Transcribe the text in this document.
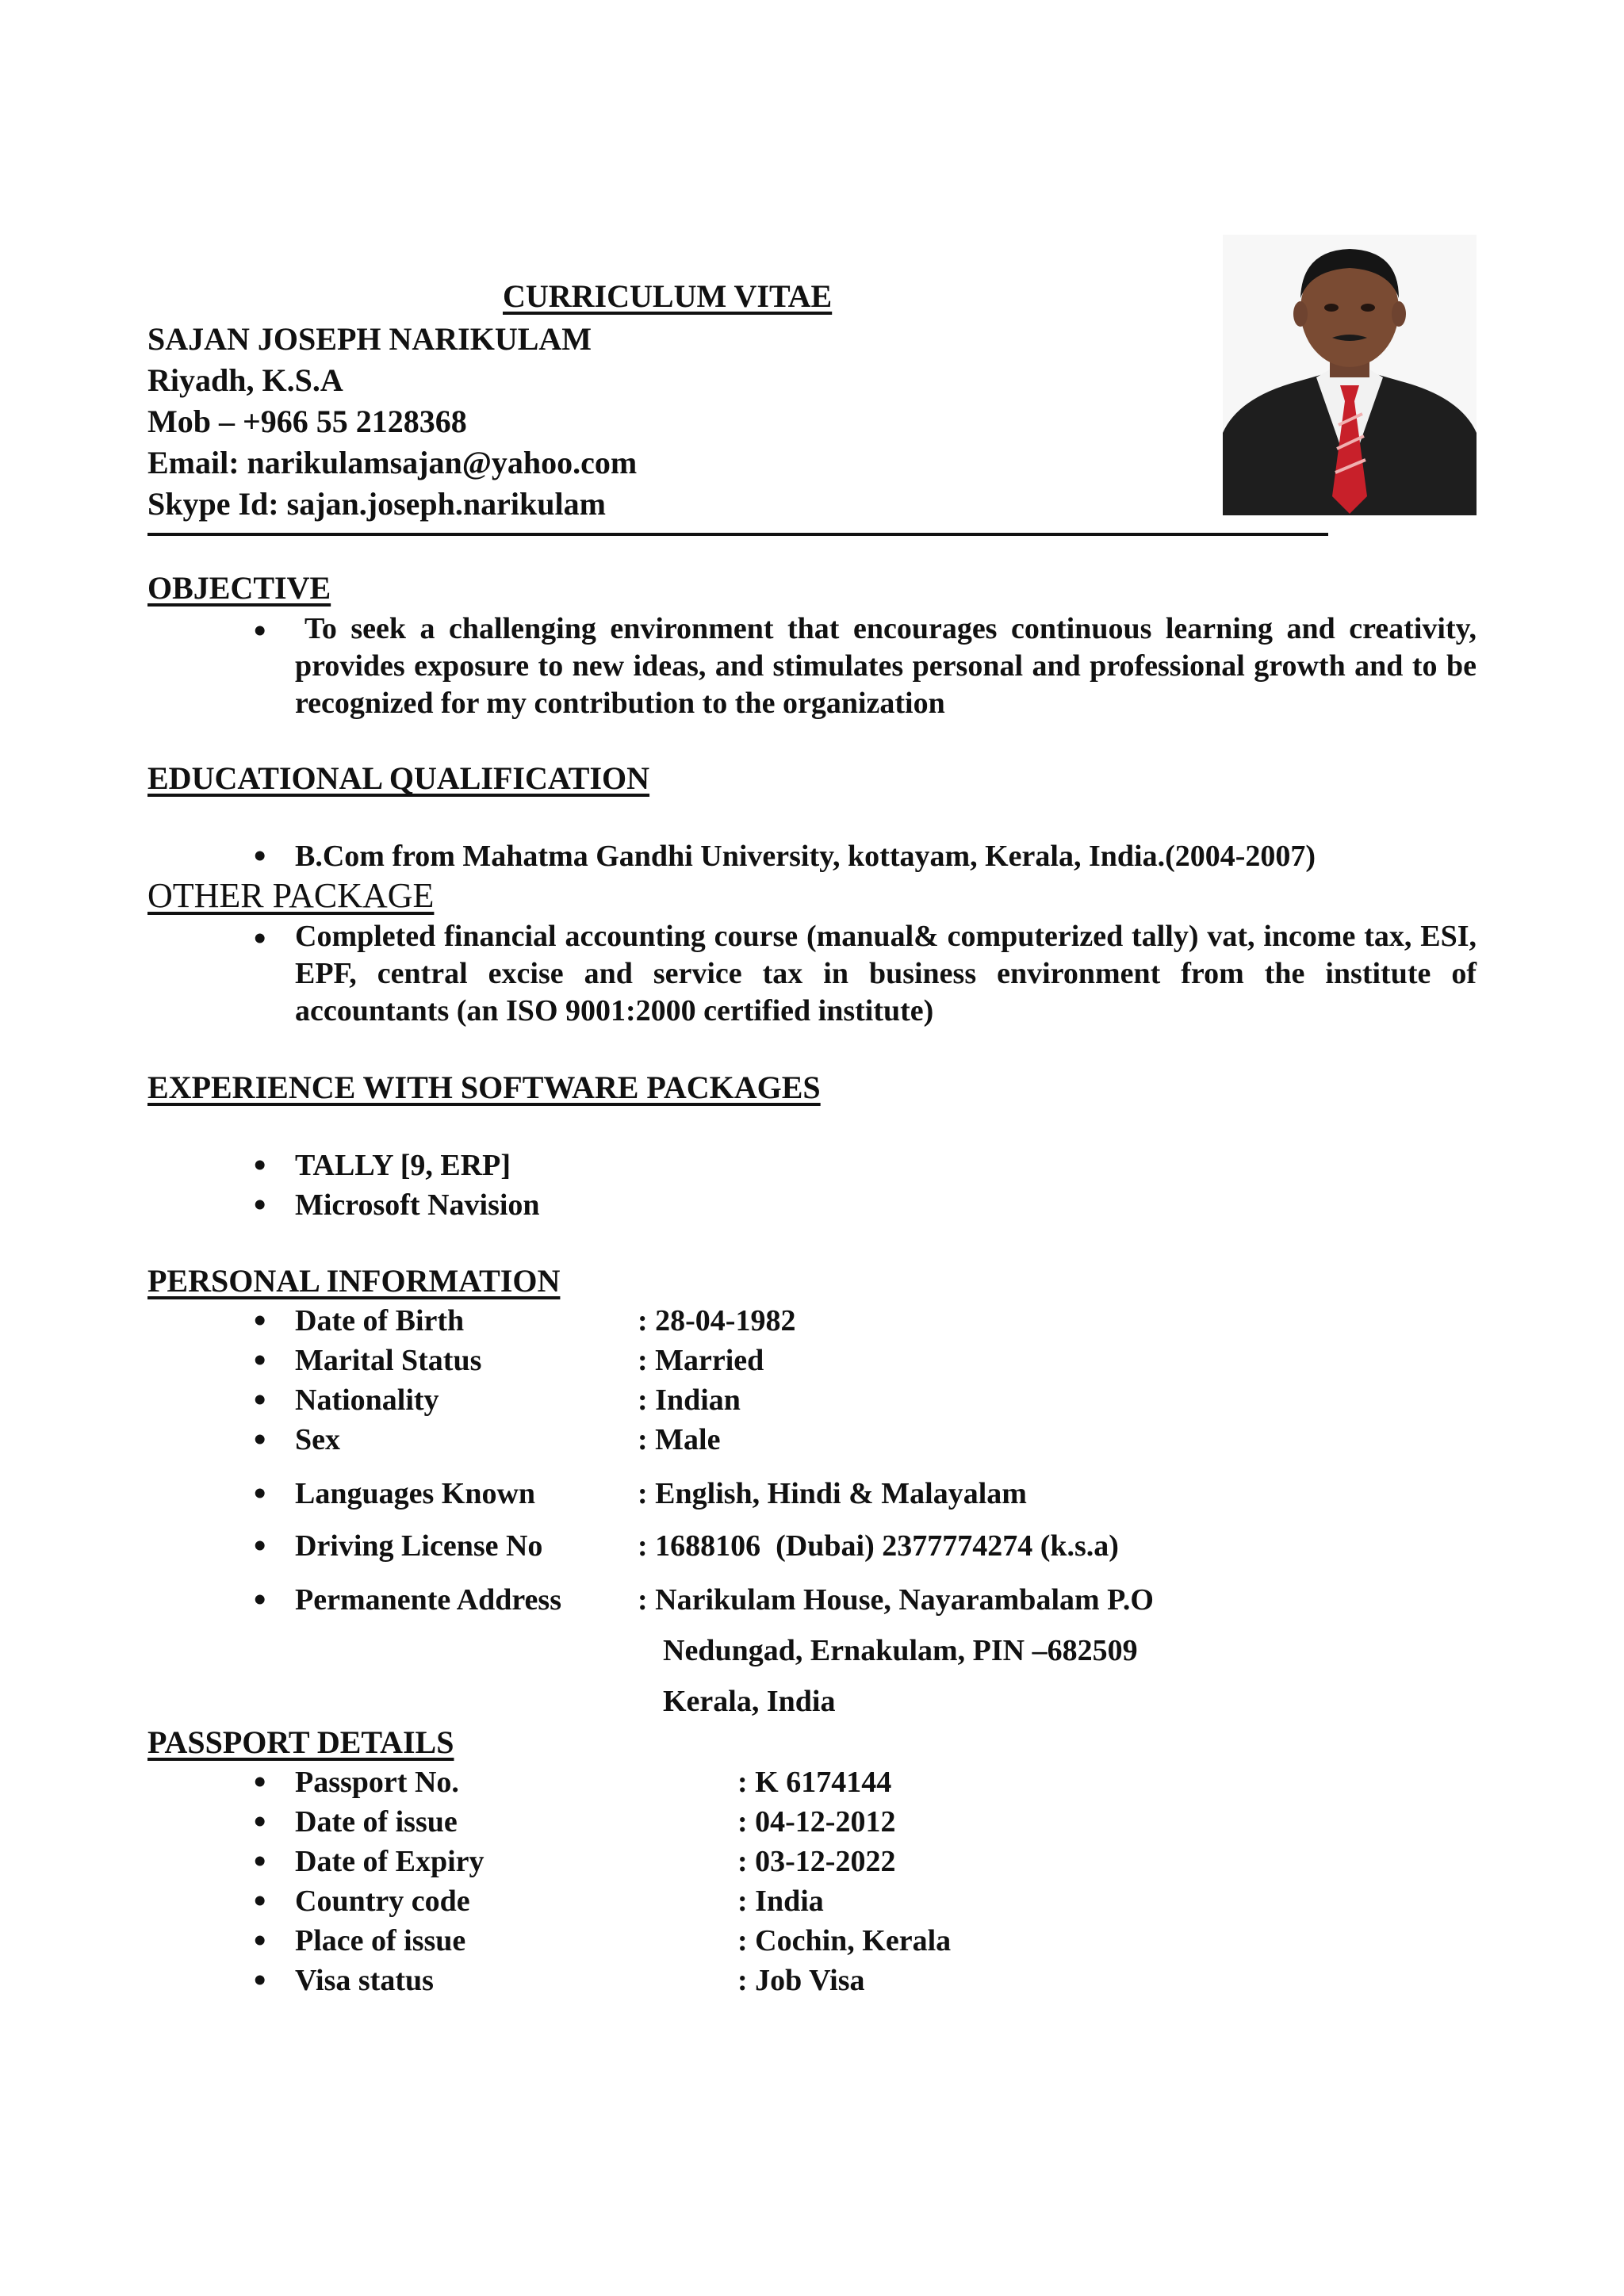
CURRICULUM VITAE
SAJAN JOSEPH NARIKULAM
Riyadh, K.S.A
Mob – +966 55 2128368
Email: narikulamsajan@yahoo.com
Skype Id: sajan.joseph.narikulam
OBJECTIVE
•	To seek a challenging environment that encourages continuous learning and creativity, provides exposure to new ideas, and stimulates personal and professional growth and to be recognized for my contribution to the organization
EDUCATIONAL QUALIFICATION
• B.Com from Mahatma Gandhi University, kottayam, Kerala, India.(2004-2007)
OTHER PACKAGE
• Completed financial accounting course (manual& computerized tally) vat, income tax, ESI, EPF, central excise and service tax in business environment from the institute of accountants (an ISO 9001:2000 certified institute)
EXPERIENCE WITH SOFTWARE PACKAGES
• TALLY [9, ERP]
• Microsoft Navision
PERSONAL INFORMATION
• Date of Birth	: 28-04-1982
• Marital Status	: Married
• Nationality	: Indian
• Sex	: Male
• Languages Known	: English, Hindi & Malayalam
• Driving License No	: 1688106  (Dubai) 2377774274 (k.s.a)
• Permanente Address	: Narikulam House, Nayarambalam P.O
Nedungad, Ernakulam, PIN –682509
Kerala, India
PASSPORT DETAILS
• Passport No.	: K 6174144
• Date of issue	: 04-12-2012
• Date of Expiry	: 03-12-2022
• Country code	: India
• Place of issue	: Cochin, Kerala
• Visa status	: Job Visa
